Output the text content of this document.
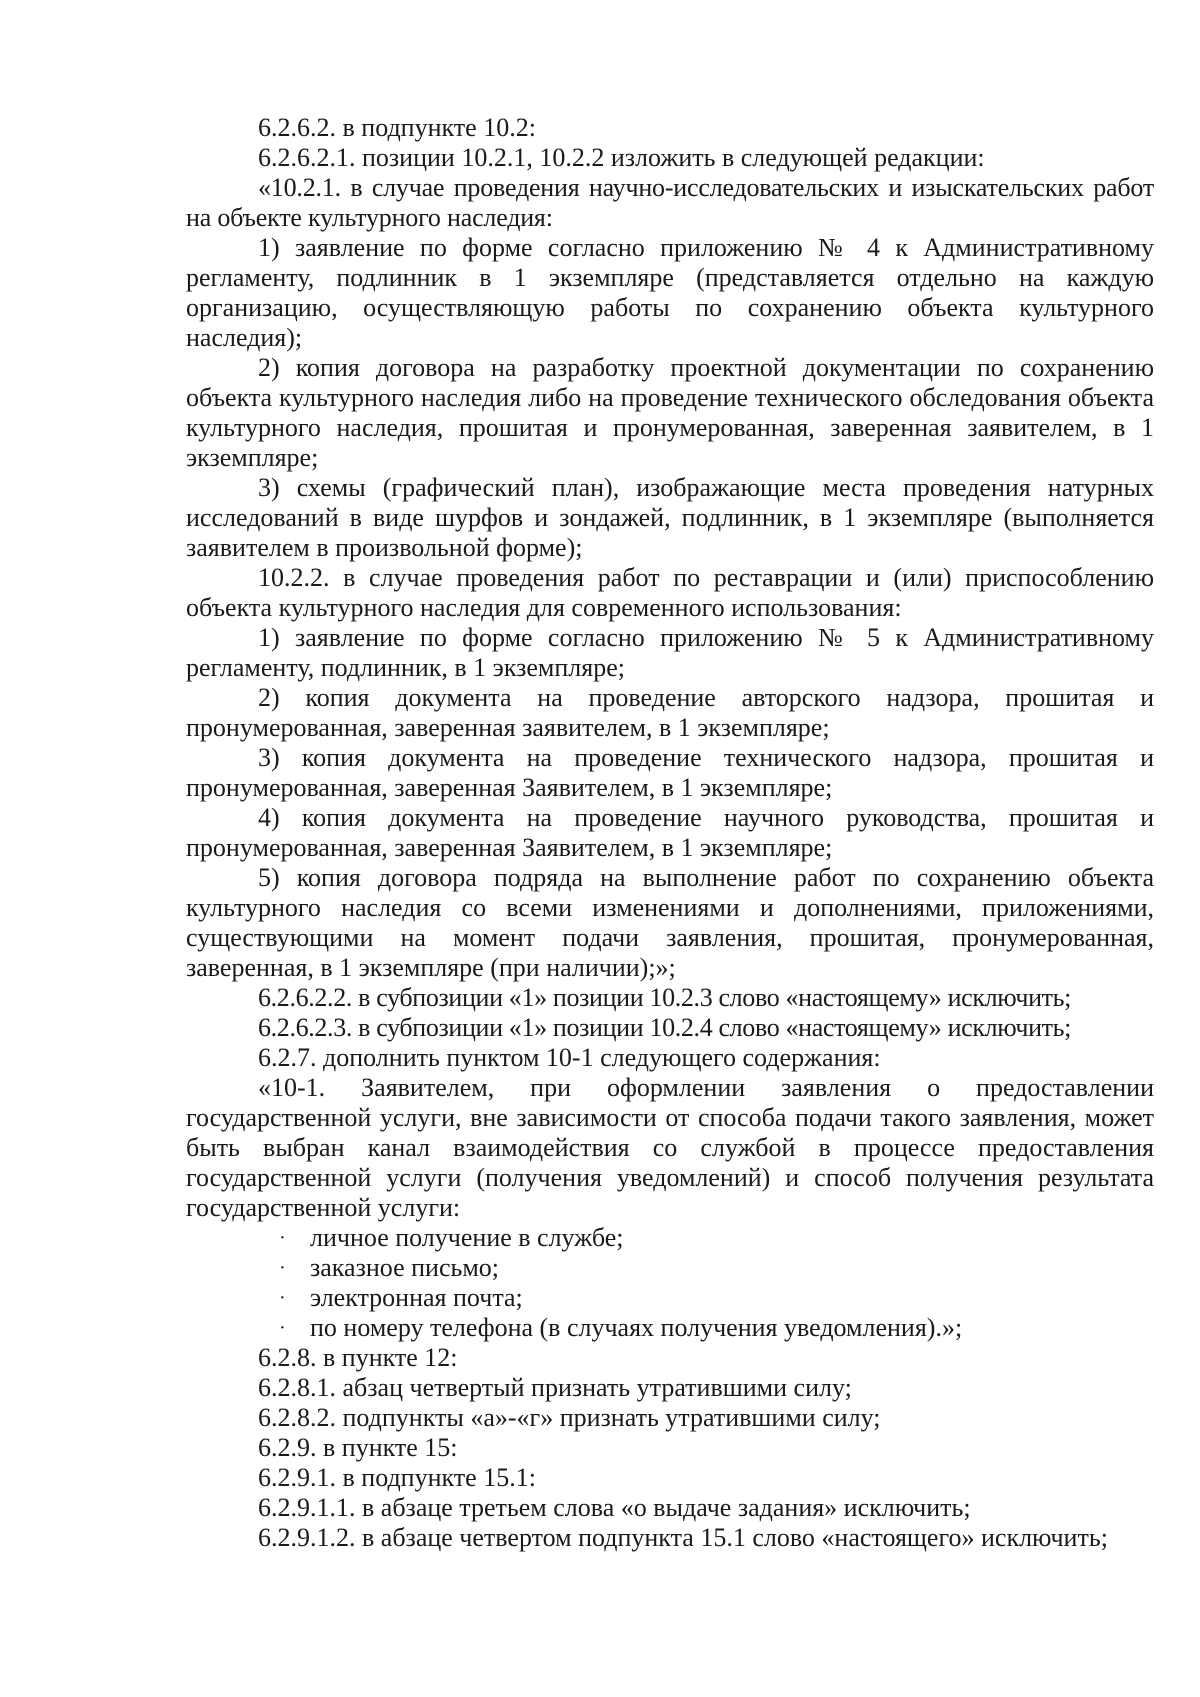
6.2.6.2. в подпункте 10.2:

6.2.6.2.1. позиции 10.2.1, 10.2.2 изложить в следующей редакции:

«10.2.1. в случае проведения научно-исследовательских и изыскательских работ на объекте культурного наследия:

1) заявление по форме согласно приложению № 4 к Административному регламенту, подлинник в 1 экземпляре (представляется отдельно на каждую организацию, осуществляющую работы по сохранению объекта культурного наследия);

2) копия договора на разработку проектной документации по сохранению объекта культурного наследия либо на проведение технического обследования объекта культурного наследия, прошитая и пронумерованная, заверенная заявителем, в 1 экземпляре;

3) схемы (графический план), изображающие места проведения натурных исследований в виде шурфов и зондажей, подлинник, в 1 экземпляре (выполняется заявителем в произвольной форме);

10.2.2. в случае проведения работ по реставрации и (или) приспособлению объекта культурного наследия для современного использования:

1) заявление по форме согласно приложению № 5 к Административному регламенту, подлинник, в 1 экземпляре;

2) копия документа на проведение авторского надзора, прошитая и пронумерованная, заверенная заявителем, в 1 экземпляре;

3) копия документа на проведение технического надзора, прошитая и пронумерованная, заверенная Заявителем, в 1 экземпляре;

4) копия документа на проведение научного руководства, прошитая и пронумерованная, заверенная Заявителем, в 1 экземпляре;

5) копия договора подряда на выполнение работ по сохранению объекта культурного наследия со всеми изменениями и дополнениями, приложениями, существующими на момент подачи заявления, прошитая, пронумерованная, заверенная, в 1 экземпляре (при наличии);»;

6.2.6.2.2. в субпозиции «1» позиции 10.2.3 слово «настоящему» исключить;

6.2.6.2.3. в субпозиции «1» позиции 10.2.4 слово «настоящему» исключить;

6.2.7. дополнить пунктом 10-1 следующего содержания:

«10-1. Заявителем, при оформлении заявления о предоставлении государственной услуги, вне зависимости от способа подачи такого заявления, может быть выбран канал взаимодействия со службой в процессе предоставления государственной услуги (получения уведомлений) и способ получения результата государственной услуги:

· личное получение в службе;
· заказное письмо;
· электронная почта;
· по номеру телефона (в случаях получения уведомления).»;

6.2.8. в пункте 12:

6.2.8.1. абзац четвертый признать утратившими силу;

6.2.8.2. подпункты «а»-«г» признать утратившими силу;

6.2.9. в пункте 15:

6.2.9.1. в подпункте 15.1:

6.2.9.1.1. в абзаце третьем слова «о выдаче задания» исключить;

6.2.9.1.2. в абзаце четвертом подпункта 15.1 слово «настоящего» исключить;
